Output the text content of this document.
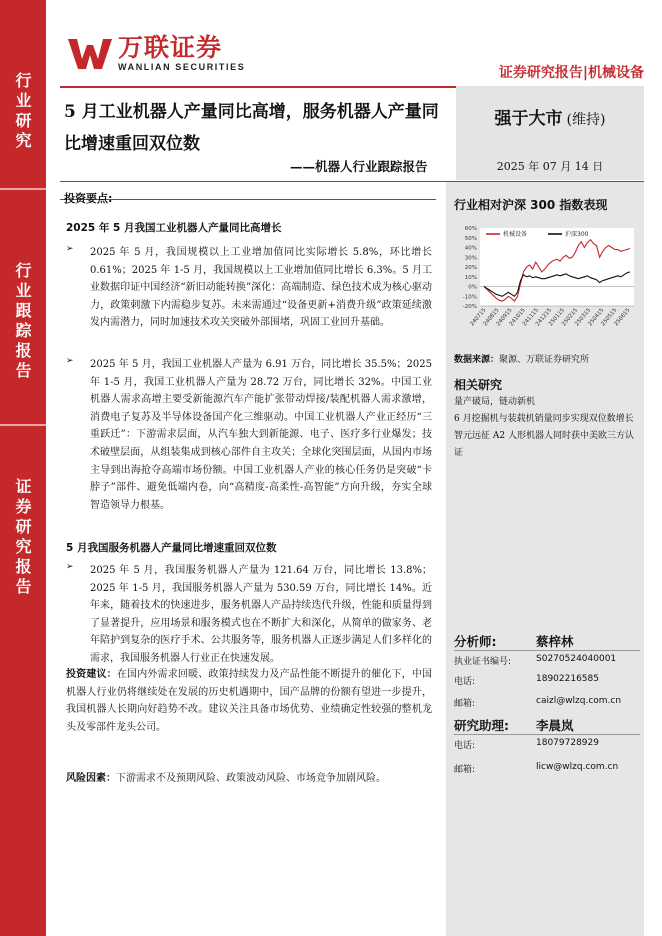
行业研究
行业跟踪报告
证券研究报告
万联证券
WANLIAN SECURITIES	证券研究报告|机械设备
5 月工业机器人产量同比高增，服务机器人产量同比增速重回双位数
——机器人行业跟踪报告
强于大市 (维持)
2025 年 07 月 14 日
投资要点:
2025 年 5 月我国工业机器人产量同比高增长
➢ 2025 年 5 月，我国规模以上工业增加值同比实际增长 5.8%，环比增长 0.61%；2025 年 1-5 月，我国规模以上工业增加值同比增长 6.3%。5 月工业数据印证中国经济“新旧动能转换”深化：高端制造、绿色技术成为核心驱动力，政策刺激下内需稳步复苏。未来需通过“设备更新+消费升级”政策延续激发内需潜力，同时加速技术攻关突破外部围堵，巩固工业回升基础。
➢ 2025 年 5 月，我国工业机器人产量为 6.91 万台，同比增长 35.5%；2025 年 1-5 月，我国工业机器人产量为 28.72 万台，同比增长 32%。中国工业机器人需求高增主要受新能源汽车产能扩张带动焊接/装配机器人需求激增，消费电子复苏及半导体设备国产化三维驱动。中国工业机器人产业正经历“三重跃迁”：下游需求层面，从汽车独大到新能源、电子、医疗多行业爆发；技术破壁层面，从组装集成到核心部件自主攻关；全球化突围层面，从国内市场主导到出海抢夺高端市场份额。中国工业机器人产业的核心任务仍是突破“卡脖子”部件、避免低端内卷，向“高精度-高柔性-高智能”方向升级，夯实全球智造领导力根基。
5 月我国服务机器人产量同比增速重回双位数
➢ 2025 年 5 月，我国服务机器人产量为 121.64 万台，同比增长 13.8%；2025 年 1-5 月，我国服务机器人产量为 530.59 万台，同比增长 14%。近年来，随着技术的快速进步，服务机器人产品持续迭代升级，性能和质量得到了显著提升，应用场景和服务模式也在不断扩大和深化，从简单的做家务、老年陪护到复杂的医疗手术、公共服务等，服务机器人正逐步满足人们多样化的需求，我国服务机器人行业正在快速发展。
投资建议：在国内外需求回暖、政策持续发力及产品性能不断提升的催化下，中国机器人行业仍将继续处在发展的历史机遇期中，国产品牌的份额有望进一步提升，我国机器人长期向好趋势不改。建议关注具备市场优势、业绩确定性较强的整机龙头及零部件龙头公司。
风险因素：下游需求不及预期风险、政策波动风险、市场竞争加剧风险。
行业相对沪深 300 指数表现
60%
50%
40%
30%
20%
10%
0%
-10%
-20%
240715
240815
240915
241015
241115
241215
250115
250215
250315
250415
250515
250615
机械设备	沪深300
数据来源：聚源、万联证券研究所
相关研究
量产破局，链动新机
6 月挖掘机与装载机销量同步实现双位数增长
智元远征 A2 人形机器人同时获中美欧三方认证
分析师:	蔡梓林
执业证书编号:	S0270524040001
电话:	18902216585
邮箱:	caizl@wlzq.com.cn
研究助理: 李晨岚
电话:	18079728929
邮箱:	licw@wlzq.com.cn
